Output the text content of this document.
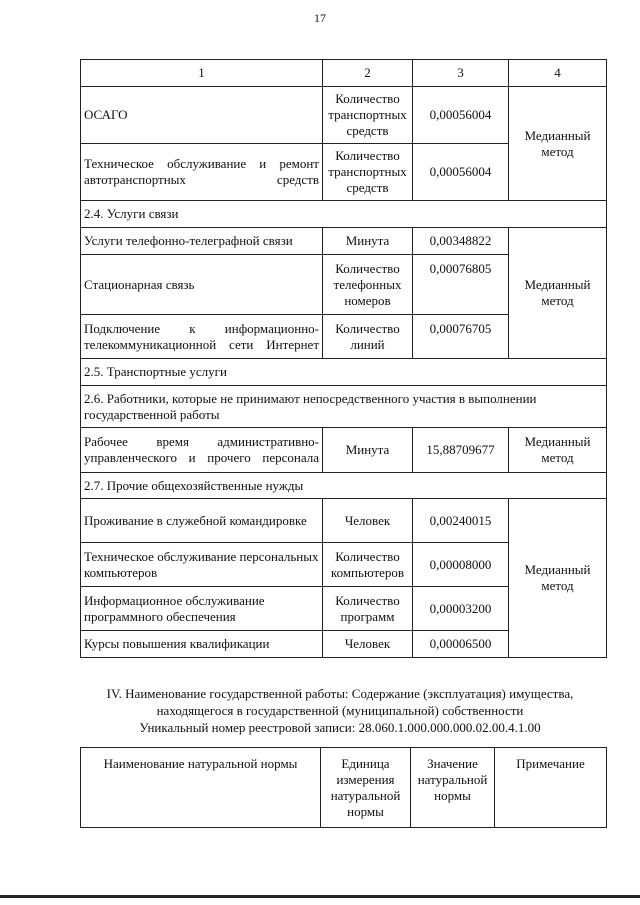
17
1	2	3	4
ОСАГО	Количество транспортных средств	0,00056004	Медианный метод
Техническое обслуживание и ремонт автотранспортных средств	Количество транспортных средств	0,00056004	
2.4. Услуги связи			
Услуги телефонно-телеграфной связи	Минута	0,00348822	Медианный метод
Стационарная связь	Количество телефонных номеров	0,00076805	
Подключение к информационно-телекоммуникационной сети Интернет	Количество линий	0,00076705	
2.5. Транспортные услуги			
2.6. Работники, которые не принимают непосредственного участия в выполнении государственной работы			
Рабочее время административно-управленческого и прочего персонала	Минута	15,88709677	Медианный метод
2.7. Прочие общехозяйственные нужды			
Проживание в служебной командировке	Человек	0,00240015	Медианный метод
Техническое обслуживание персональных компьютеров	Количество компьютеров	0,00008000	
Информационное обслуживание программного обеспечения	Количество программ	0,00003200	
Курсы повышения квалификации	Человек	0,00006500	
IV. Наименование государственной работы: Содержание (эксплуатация) имущества,
находящегося в государственной (муниципальной) собственности
Уникальный номер реестровой записи: 28.060.1.000.000.000.02.00.4.1.00
Наименование натуральной нормы	Единица измерения натуральной нормы	Значение натуральной нормы	Примечание
